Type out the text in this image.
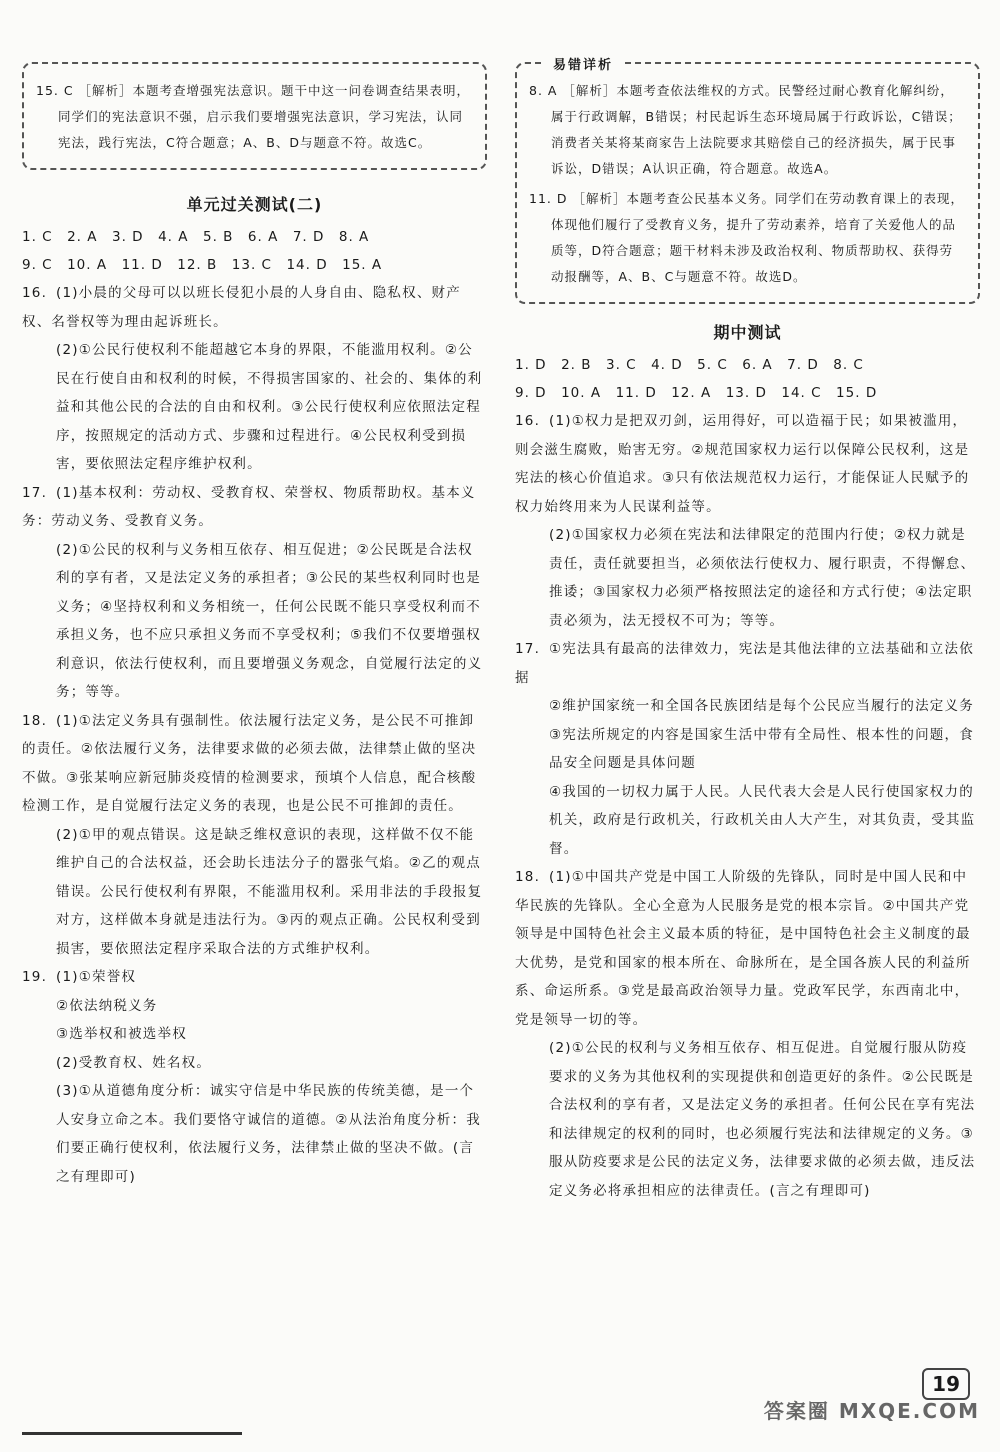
15. C ［解析］本题考查增强宪法意识。题干中这一问卷调查结果表明，同学们的宪法意识不强，启示我们要增强宪法意识，学习宪法，认同宪法，践行宪法，C符合题意；A、B、D与题意不符。故选C。

单元过关测试(二)
1. C　2. A　3. D　4. A　5. B　6. A　7. D　8. A
9. C　10. A　11. D　12. B　13. C　14. D　15. A

16. (1)小晨的父母可以以班长侵犯小晨的人身自由、隐私权、财产权、名誉权等为理由起诉班长。

(2)①公民行使权利不能超越它本身的界限，不能滥用权利。②公民在行使自由和权利的时候，不得损害国家的、社会的、集体的利益和其他公民的合法的自由和权利。③公民行使权利应依照法定程序，按照规定的活动方式、步骤和过程进行。④公民权利受到损害，要依照法定程序维护权利。

17. (1)基本权利：劳动权、受教育权、荣誉权、物质帮助权。基本义务：劳动义务、受教育义务。

(2)①公民的权利与义务相互依存、相互促进；②公民既是合法权利的享有者，又是法定义务的承担者；③公民的某些权利同时也是义务；④坚持权利和义务相统一，任何公民既不能只享受权利而不承担义务，也不应只承担义务而不享受权利；⑤我们不仅要增强权利意识，依法行使权利，而且要增强义务观念，自觉履行法定的义务；等等。

18. (1)①法定义务具有强制性。依法履行法定义务，是公民不可推卸的责任。②依法履行义务，法律要求做的必须去做，法律禁止做的坚决不做。③张某响应新冠肺炎疫情的检测要求，预填个人信息，配合核酸检测工作，是自觉履行法定义务的表现，也是公民不可推卸的责任。

(2)①甲的观点错误。这是缺乏维权意识的表现，这样做不仅不能维护自己的合法权益，还会助长违法分子的嚣张气焰。②乙的观点错误。公民行使权利有界限，不能滥用权利。采用非法的手段报复对方，这样做本身就是违法行为。③丙的观点正确。公民权利受到损害，要依照法定程序采取合法的方式维护权利。

19. (1)①荣誉权

②依法纳税义务

③选举权和被选举权

(2)受教育权、姓名权。

(3)①从道德角度分析：诚实守信是中华民族的传统美德，是一个人安身立命之本。我们要恪守诚信的道德。②从法治角度分析：我们要正确行使权利，依法履行义务，法律禁止做的坚决不做。(言之有理即可)

易错详析

8. A ［解析］本题考查依法维权的方式。民警经过耐心教育化解纠纷，属于行政调解，B错误；村民起诉生态环境局属于行政诉讼，C错误；消费者关某将某商家告上法院要求其赔偿自己的经济损失，属于民事诉讼，D错误；A认识正确，符合题意。故选A。

11. D ［解析］本题考查公民基本义务。同学们在劳动教育课上的表现，体现他们履行了受教育义务，提升了劳动素养，培育了关爱他人的品质等，D符合题意；题干材料未涉及政治权利、物质帮助权、获得劳动报酬等，A、B、C与题意不符。故选D。

期中测试
1. D　2. B　3. C　4. D　5. C　6. A　7. D　8. C
9. D　10. A　11. D　12. A　13. D　14. C　15. D

16. (1)①权力是把双刃剑，运用得好，可以造福于民；如果被滥用，则会滋生腐败，贻害无穷。②规范国家权力运行以保障公民权利，这是宪法的核心价值追求。③只有依法规范权力运行，才能保证人民赋予的权力始终用来为人民谋利益等。

(2)①国家权力必须在宪法和法律限定的范围内行使；②权力就是责任，责任就要担当，必须依法行使权力、履行职责，不得懈怠、推诿；③国家权力必须严格按照法定的途径和方式行使；④法定职责必须为，法无授权不可为；等等。

17. ①宪法具有最高的法律效力，宪法是其他法律的立法基础和立法依据

②维护国家统一和全国各民族团结是每个公民应当履行的法定义务

③宪法所规定的内容是国家生活中带有全局性、根本性的问题，食品安全问题是具体问题

④我国的一切权力属于人民。人民代表大会是人民行使国家权力的机关，政府是行政机关，行政机关由人大产生，对其负责，受其监督。

18. (1)①中国共产党是中国工人阶级的先锋队，同时是中国人民和中华民族的先锋队。全心全意为人民服务是党的根本宗旨。②中国共产党领导是中国特色社会主义最本质的特征，是中国特色社会主义制度的最大优势，是党和国家的根本所在、命脉所在，是全国各族人民的利益所系、命运所系。③党是最高政治领导力量。党政军民学，东西南北中，党是领导一切的等。

(2)①公民的权利与义务相互依存、相互促进。自觉履行服从防疫要求的义务为其他权利的实现提供和创造更好的条件。②公民既是合法权利的享有者，又是法定义务的承担者。任何公民在享有宪法和法律规定的权利的同时，也必须履行宪法和法律规定的义务。③服从防疫要求是公民的法定义务，法律要求做的必须去做，违反法定义务必将承担相应的法律责任。(言之有理即可)

19
答案圈 MXQE.COM
